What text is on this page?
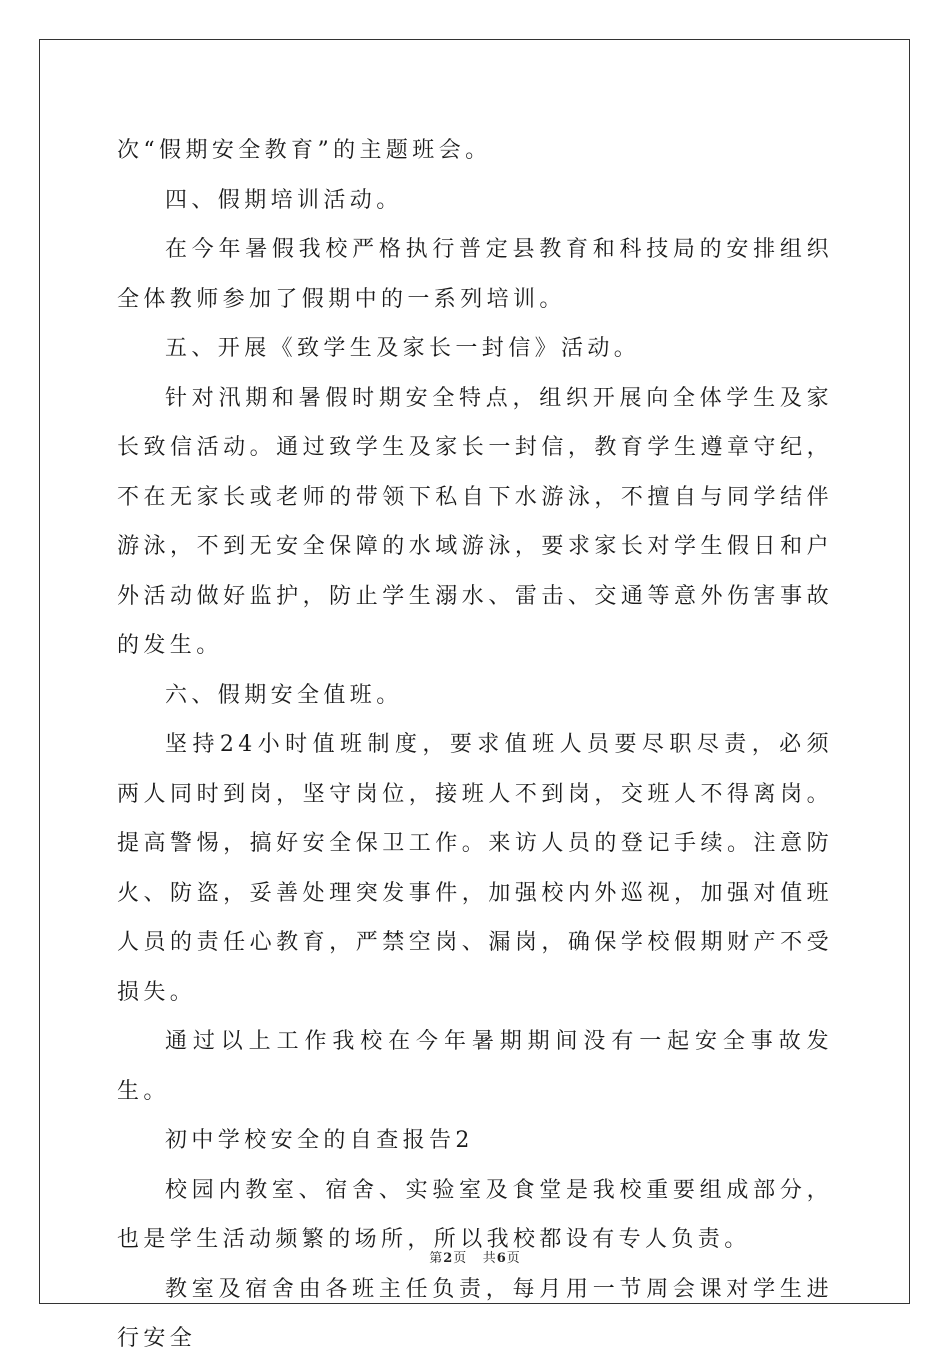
次“假期安全教育”的主题班会。

四、假期培训活动。

在今年暑假我校严格执行普定县教育和科技局的安排组织全体教师参加了假期中的一系列培训。

五、开展《致学生及家长一封信》活动。

针对汛期和暑假时期安全特点，组织开展向全体学生及家长致信活动。通过致学生及家长一封信，教育学生遵章守纪，不在无家长或老师的带领下私自下水游泳，不擅自与同学结伴游泳，不到无安全保障的水域游泳，要求家长对学生假日和户外活动做好监护，防止学生溺水、雷击、交通等意外伤害事故的发生。

六、假期安全值班。

坚持24小时值班制度，要求值班人员要尽职尽责，必须两人同时到岗，坚守岗位，接班人不到岗，交班人不得离岗。提高警惕，搞好安全保卫工作。来访人员的登记手续。注意防火、防盗，妥善处理突发事件，加强校内外巡视，加强对值班人员的责任心教育，严禁空岗、漏岗，确保学校假期财产不受损失。

通过以上工作我校在今年暑期期间没有一起安全事故发生。

初中学校安全的自查报告2

校园内教室、宿舍、实验室及食堂是我校重要组成部分，也是学生活动频繁的场所，所以我校都设有专人负责。

教室及宿舍由各班主任负责，每月用一节周会课对学生进行安全

第2页 共6页
